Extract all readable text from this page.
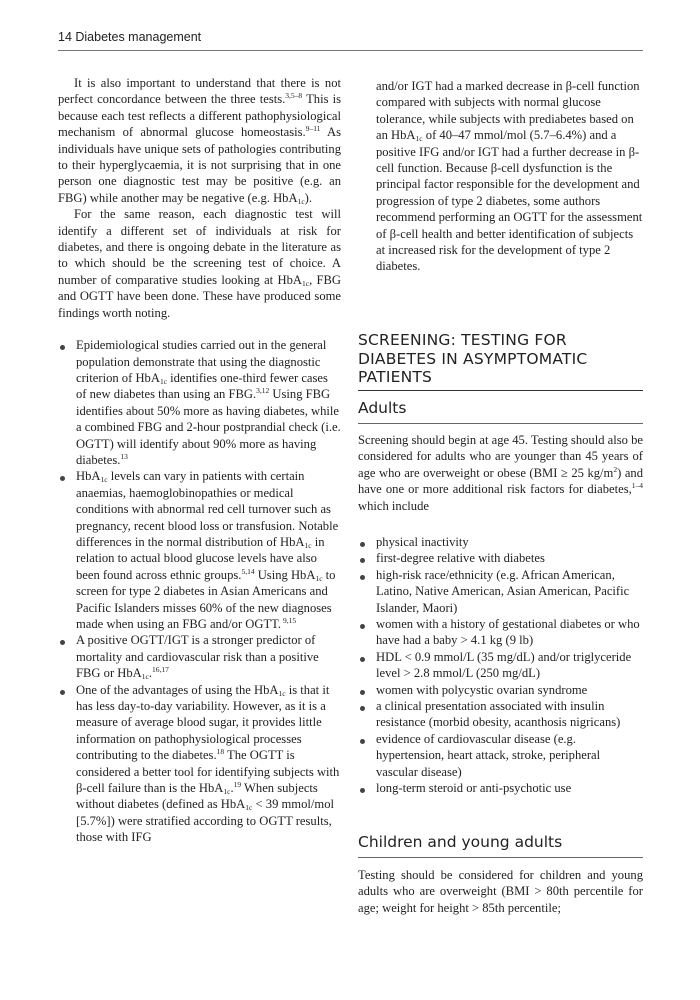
14 Diabetes management

It is also important to understand that there is not perfect concordance between the three tests.$^{3,5-8}$ This is because each test reflects a different pathophysiological mechanism of abnormal glucose homeostasis.$^{9-11}$ As individuals have unique sets of pathologies contributing to their hyperglycaemia, it is not surprising that in one person one diagnostic test may be positive (e.g. an FBG) while another may be negative (e.g. HbA$_{1c}$).

For the same reason, each diagnostic test will identify a different set of individuals at risk for diabetes, and there is ongoing debate in the literature as to which should be the screening test of choice. A number of comparative studies looking at HbA$_{1c}$, FBG and OGTT have been done. These have produced some findings worth noting.

Epidemiological studies carried out in the general population demonstrate that using the diagnostic criterion of HbA$_{1c}$ identifies one-third fewer cases of new diabetes than using an FBG.$^{3,12}$ Using FBG identifies about 50% more as having diabetes, while a combined FBG and 2-hour postprandial check (i.e. OGTT) will identify about 90% more as having diabetes.$^{13}$
HbA$_{1c}$ levels can vary in patients with certain anaemias, haemoglobinopathies or medical conditions with abnormal red cell turnover such as pregnancy, recent blood loss or transfusion. Notable differences in the normal distribution of HbA$_{1c}$ in relation to actual blood glucose levels have also been found across ethnic groups.$^{5,14}$ Using HbA$_{1c}$ to screen for type 2 diabetes in Asian Americans and Pacific Islanders misses 60% of the new diagnoses made when using an FBG and/or OGTT. $^{9,15}$
A positive OGTT/IGT is a stronger predictor of mortality and cardiovascular risk than a positive FBG or HbA$_{1c}$.$^{16,17}$
One of the advantages of using the HbA$_{1c}$ is that it has less day-to-day variability. However, as it is a measure of average blood sugar, it provides little information on pathophysiological processes contributing to the diabetes.$^{18}$ The OGTT is considered a better tool for identifying subjects with β-cell failure than is the HbA$_{1c}$.$^{19}$ When subjects without diabetes (defined as HbA$_{1c}$ < 39 mmol/mol [5.7%]) were stratified according to OGTT results, those with IFG

and/or IGT had a marked decrease in β-cell function compared with subjects with normal glucose tolerance, while subjects with prediabetes based on an HbA$_{1c}$ of 40–47 mmol/mol (5.7–6.4%) and a positive IFG and/or IGT had a further decrease in β-cell function. Because β-cell dysfunction is the principal factor responsible for the development and progression of type 2 diabetes, some authors recommend performing an OGTT for the assessment of β-cell health and better identification of subjects at increased risk for the development of type 2 diabetes.

SCREENING: TESTING FOR DIABETES IN ASYMPTOMATIC PATIENTS
Adults
Screening should begin at age 45. Testing should also be considered for adults who are younger than 45 years of age who are overweight or obese (BMI ≥ 25 $kg/m^2$) and have one or more additional risk factors for diabetes,$^{1-4}$ which include
physical inactivity
first-degree relative with diabetes
high-risk race/ethnicity (e.g. African American, Latino, Native American, Asian American, Pacific Islander, Maori)
women with a history of gestational diabetes or who have had a baby > 4.1 kg (9 lb)
HDL < 0.9 mmol/L (35 mg/dL) and/or triglyceride level > 2.8 mmol/L (250 mg/dL)
women with polycystic ovarian syndrome
a clinical presentation associated with insulin resistance (morbid obesity, acanthosis nigricans)
evidence of cardiovascular disease (e.g. hypertension, heart attack, stroke, peripheral vascular disease)
long-term steroid or anti-psychotic use
Children and young adults
Testing should be considered for children and young adults who are overweight (BMI > 80th percentile for age; weight for height > 85th percentile;
